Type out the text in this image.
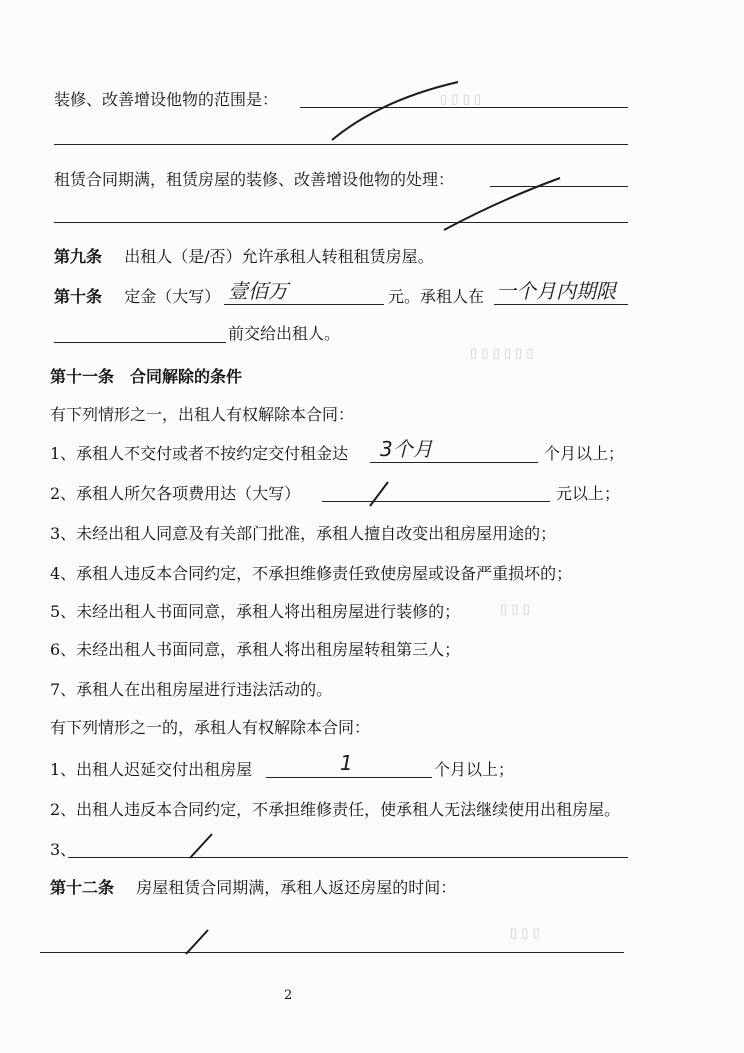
▯ ▯ ▯ ▯
▯ ▯ ▯ ▯ ▯ ▯
▯ ▯ ▯
▯ ▯ ▯
装修、改善增设他物的范围是：
租赁合同期满，租赁房屋的装修、改善增设他物的处理：
第九条 出租人（是/否）允许承租人转租租赁房屋。
第十条 定金（大写） 壹佰万	元。承租人在 一个月内期限
前交给出租人。
第十一条　合同解除的条件
有下列情形之一，出租人有权解除本合同：
1、承租人不交付或者不按约定交付租金达 3个月	个月以上；
2、承租人所欠各项费用达（大写）	元以上；
3、未经出租人同意及有关部门批准，承租人擅自改变出租房屋用途的；
4、承租人违反本合同约定，不承担维修责任致使房屋或设备严重损坏的；
5、未经出租人书面同意，承租人将出租房屋进行装修的；
6、未经出租人书面同意，承租人将出租房屋转租第三人；
7、承租人在出租房屋进行违法活动的。
有下列情形之一的，承租人有权解除本合同：
1、出租人迟延交付出租房屋	1	个月以上；
2、出租人违反本合同约定，不承担维修责任，使承租人无法继续使用出租房屋。
3、
第十二条 房屋租赁合同期满，承租人返还房屋的时间：
2
